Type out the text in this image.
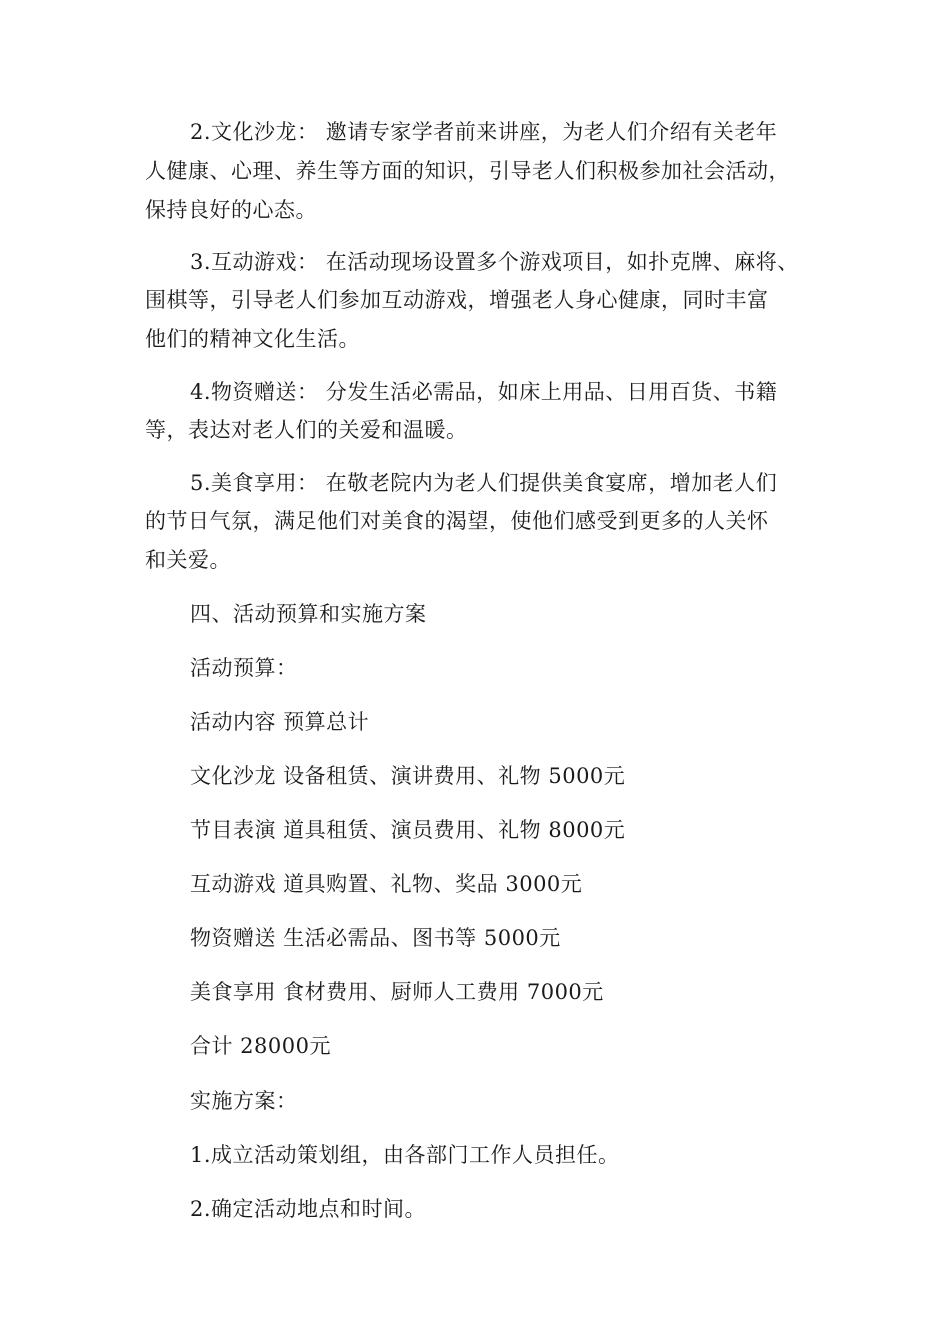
2.文化沙龙： 邀请专家学者前来讲座，为老人们介绍有关老年
人健康、心理、养生等方面的知识，引导老人们积极参加社会活动，
保持良好的心态。
3.互动游戏： 在活动现场设置多个游戏项目，如扑克牌、麻将、
围棋等，引导老人们参加互动游戏，增强老人身心健康，同时丰富
他们的精神文化生活。
4.物资赠送： 分发生活必需品，如床上用品、日用百货、书籍
等，表达对老人们的关爱和温暖。
5.美食享用： 在敬老院内为老人们提供美食宴席，增加老人们
的节日气氛，满足他们对美食的渴望，使他们感受到更多的人关怀
和关爱。
四、活动预算和实施方案
活动预算：
活动内容 预算总计
文化沙龙 设备租赁、演讲费用、礼物 5000元
节目表演 道具租赁、演员费用、礼物 8000元
互动游戏 道具购置、礼物、奖品 3000元
物资赠送 生活必需品、图书等 5000元
美食享用 食材费用、厨师人工费用 7000元
合计 28000元
实施方案：
1.成立活动策划组，由各部门工作人员担任。
2.确定活动地点和时间。
